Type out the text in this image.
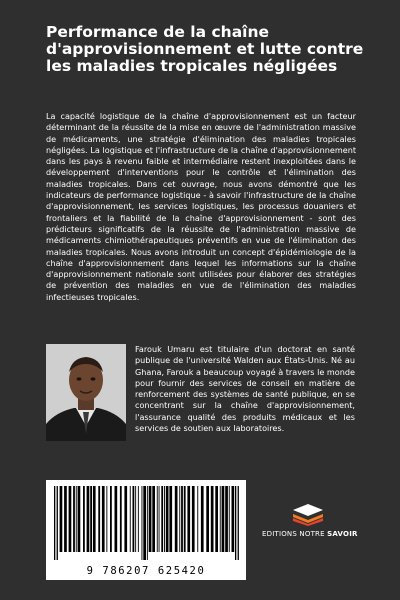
Performance de la chaîne d'approvisionnement et lutte contre les maladies tropicales négligées

La capacité logistique de la chaîne d'approvisionnement est un facteur déterminant de la réussite de la mise en œuvre de l'administration massive de médicaments, une stratégie d'élimination des maladies tropicales négligées. La logistique et l'infrastructure de la chaîne d'approvisionnement dans les pays à revenu faible et intermédiaire restent inexploitées dans le développement d'interventions pour le contrôle et l'élimination des maladies tropicales. Dans cet ouvrage, nous avons démontré que les indicateurs de performance logistique - à savoir l'infrastructure de la chaîne d'approvisionnement, les services logistiques, les processus douaniers et frontaliers et la fiabilité de la chaîne d'approvisionnement - sont des prédicteurs significatifs de la réussite de l'administration massive de médicaments chimiothérapeutiques préventifs en vue de l'élimination des maladies tropicales. Nous avons introduit un concept d'épidémiologie de la chaîne d'approvisionnement dans lequel les informations sur la chaîne d'approvisionnement nationale sont utilisées pour élaborer des stratégies de prévention des maladies en vue de l'élimination des maladies infectieuses tropicales.

Farouk Umaru est titulaire d'un doctorat en santé publique de l'université Walden aux États-Unis. Né au Ghana, Farouk a beaucoup voyagé à travers le monde pour fournir des services de conseil en matière de renforcement des systèmes de santé publique, en se concentrant sur la chaîne d'approvisionnement, l'assurance qualité des produits médicaux et les services de soutien aux laboratoires.

9 786207 625420
EDITIONS NOTRE SAVOIR
